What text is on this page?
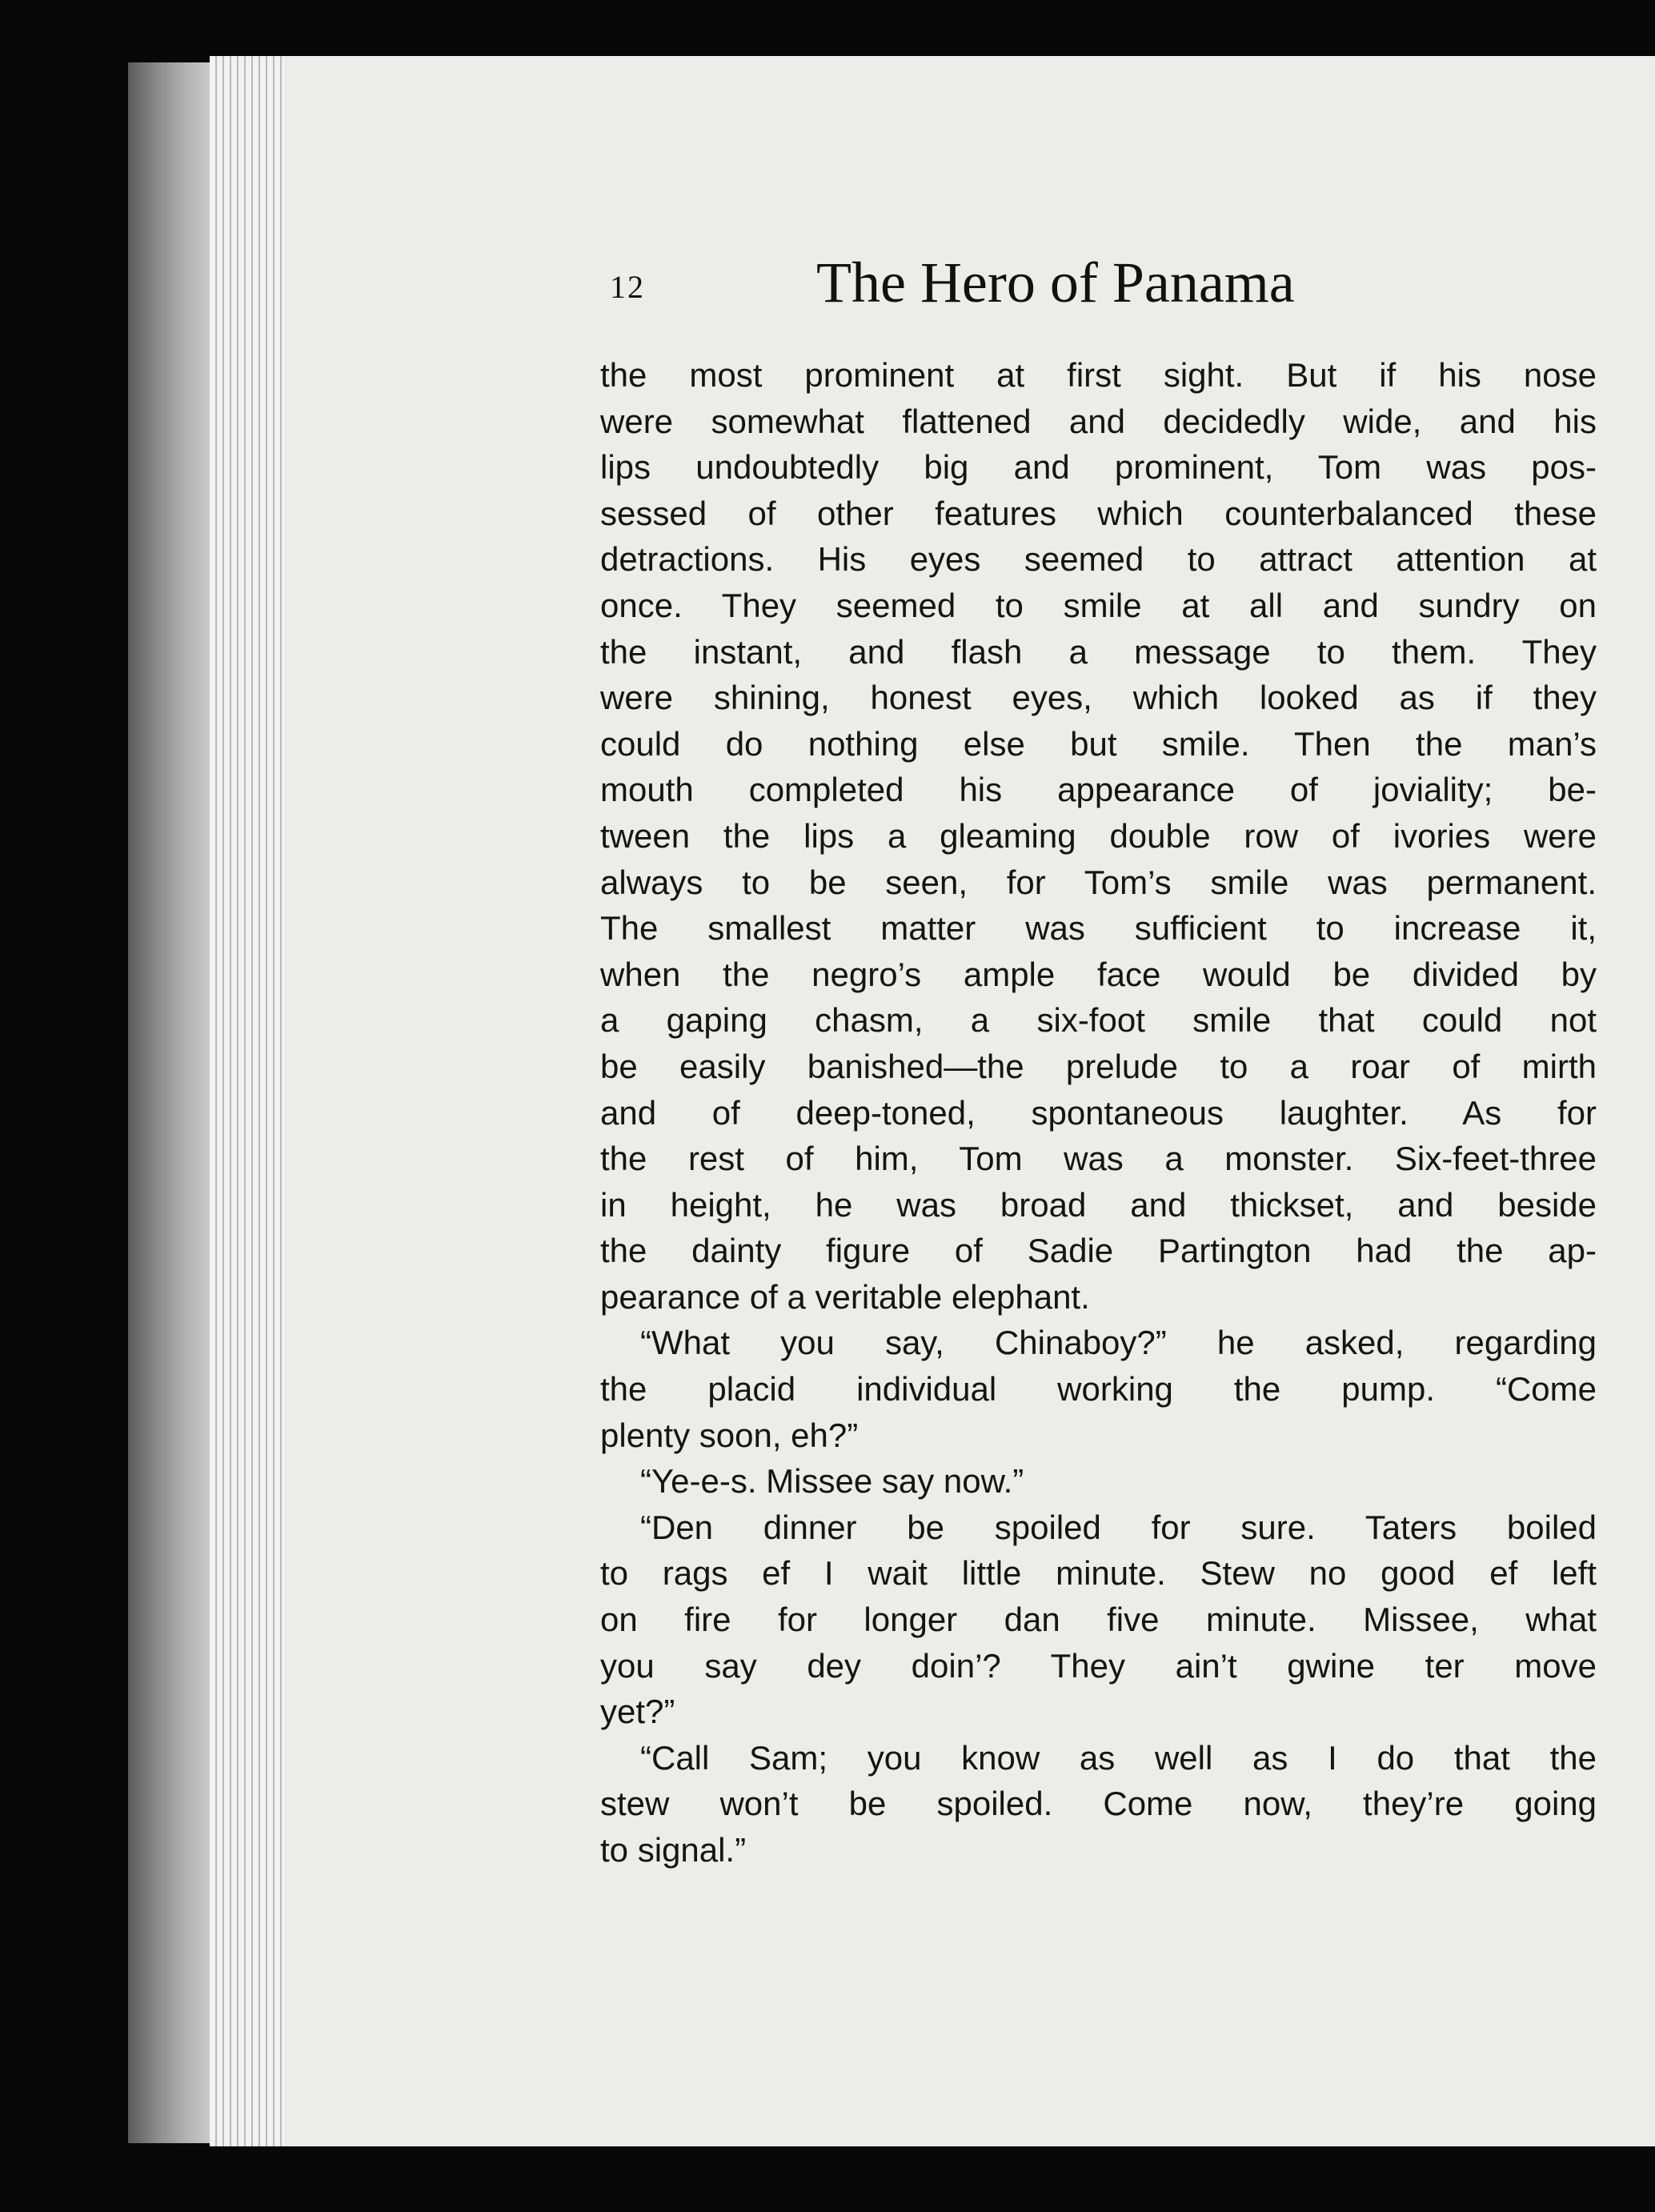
12	The Hero of Panama
the most prominent at first sight. But if his nose
were somewhat flattened and decidedly wide, and his
lips undoubtedly big and prominent, Tom was pos-
sessed of other features which counterbalanced these
detractions. His eyes seemed to attract attention at
once. They seemed to smile at all and sundry on
the instant, and flash a message to them. They
were shining, honest eyes, which looked as if they
could do nothing else but smile. Then the man’s
mouth completed his appearance of joviality; be-
tween the lips a gleaming double row of ivories were
always to be seen, for Tom’s smile was permanent.
The smallest matter was sufficient to increase it,
when the negro’s ample face would be divided by
a gaping chasm, a six-foot smile that could not
be easily banished—the prelude to a roar of mirth
and of deep-toned, spontaneous laughter. As for
the rest of him, Tom was a monster. Six-feet-three
in height, he was broad and thickset, and beside
the dainty figure of Sadie Partington had the ap-
pearance of a veritable elephant.
“What you say, Chinaboy?” he asked, regarding
the placid individual working the pump. “Come
plenty soon, eh?”
“Ye-e-s. Missee say now.”
“Den dinner be spoiled for sure. Taters boiled
to rags ef I wait little minute. Stew no good ef left
on fire for longer dan five minute. Missee, what
you say dey doin’? They ain’t gwine ter move
yet?”
“Call Sam; you know as well as I do that the
stew won’t be spoiled. Come now, they’re going
to signal.”
